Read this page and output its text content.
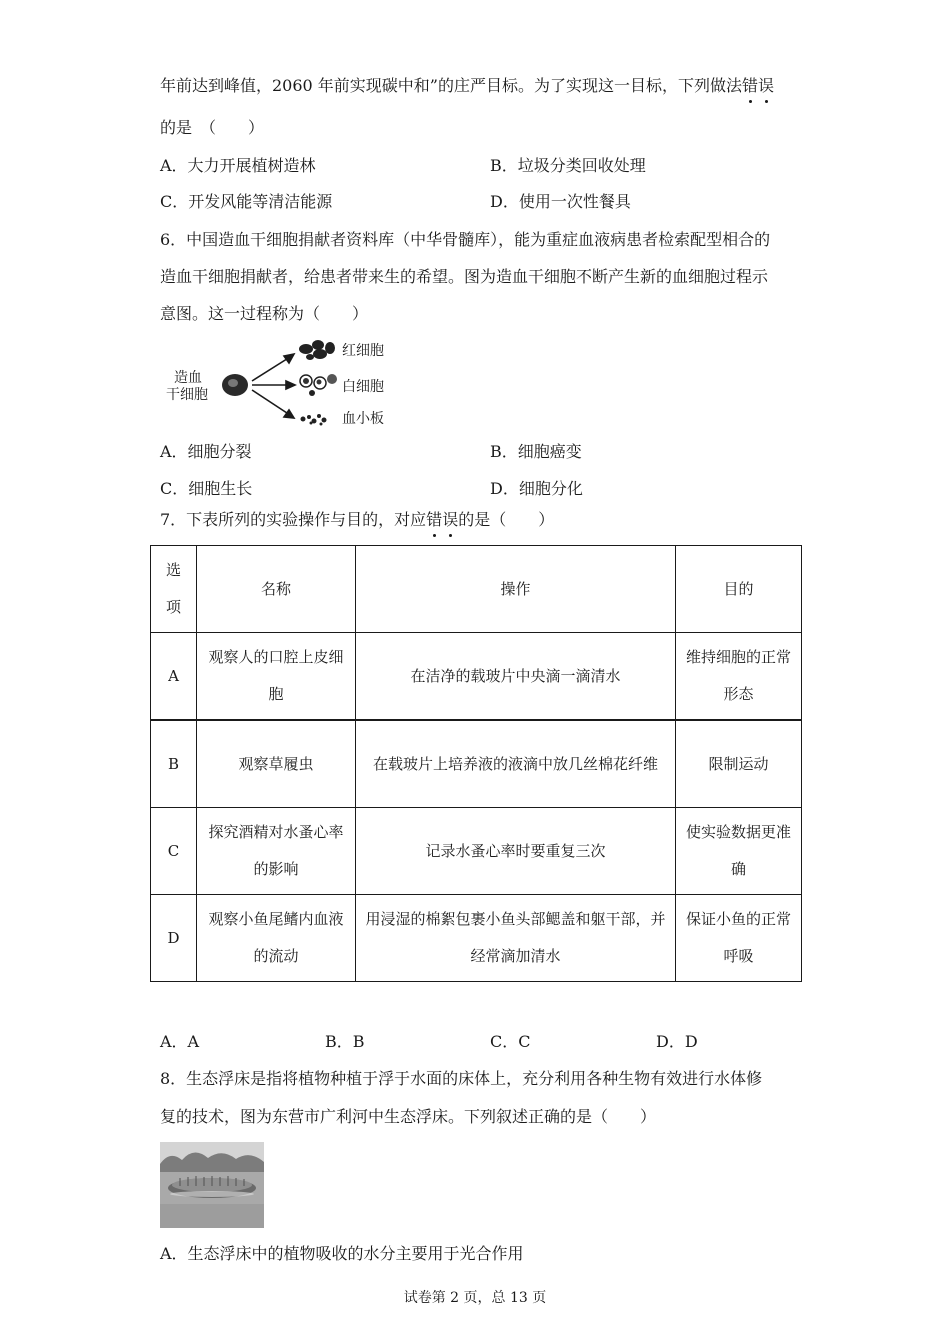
年前达到峰值，2060 年前实现碳中和”的庄严目标。为了实现这一目标，下列做法错误
的是　（　　）
A．大力开展植树造林	B．垃圾分类回收处理
C．开发风能等清洁能源	D．使用一次性餐具
6．中国造血干细胞捐献者资料库（中华骨髓库），能为重症血液病患者检索配型相合的
造血干细胞捐献者，给患者带来生的希望。图为造血干细胞不断产生新的血细胞过程示
意图。这一过程称为（　　）
造血
干细胞
红细胞
白细胞
血小板
A．细胞分裂	B．细胞癌变
C．细胞生长	D．细胞分化
7．下表所列的实验操作与目的，对应错误的是（　　）
选项	名称	操作	目的
A	观察人的口腔上皮细胞	在洁净的载玻片中央滴一滴清水	维持细胞的正常形态
B	观察草履虫	在载玻片上培养液的液滴中放几丝棉花纤维	限制运动
C	探究酒精对水蚤心率的影响	记录水蚤心率时要重复三次	使实验数据更准确
D	观察小鱼尾鳍内血液的流动	用浸湿的棉絮包裹小鱼头部鳃盖和躯干部，并经常滴加清水	保证小鱼的正常呼吸
A．A	B．B	C．C	D．D
8．生态浮床是指将植物种植于浮于水面的床体上，充分利用各种生物有效进行水体修
复的技术，图为东营市广利河中生态浮床。下列叙述正确的是（　　）
A．生态浮床中的植物吸收的水分主要用于光合作用
试卷第 2 页，总 13 页
